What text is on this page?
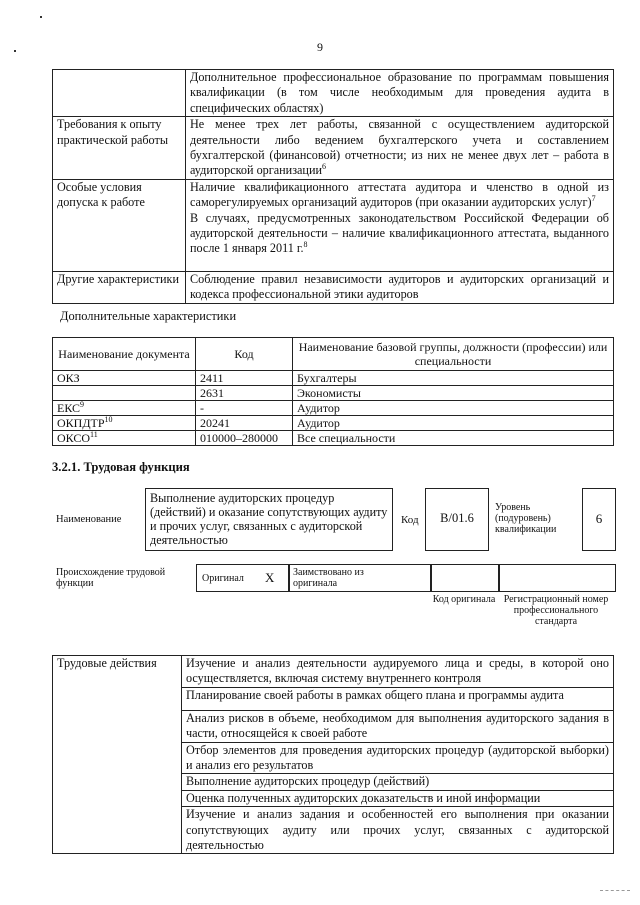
9
	Дополнительное профессиональное образование по программам повышения квалификации (в том числе необходимым для проведения аудита в специфических областях)
Требования к опыту практической работы	Не менее трех лет работы, связанной с осуществлением аудиторской деятельности либо ведением бухгалтерского учета и составлением бухгалтерской (финансовой) отчетности; из них не менее двух лет – работа в аудиторской организации$^6$
Особые условия допуска к работе	Наличие квалификационного аттестата аудитора и членство в одной из саморегулируемых организаций аудиторов (при оказании аудиторских услуг)$^7$
В случаях, предусмотренных законодательством Российской Федерации об аудиторской деятельности – наличие квалификационного аттестата, выданного после 1 января 2011 г.$^8$
Другие характеристики	Соблюдение правил независимости аудиторов и аудиторских организаций и кодекса профессиональной этики аудиторов
Дополнительные характеристики
Наименование документа	Код	Наименование базовой группы, должности (профессии) или специальности
ОКЗ	2411	Бухгалтеры
	2631	Экономисты
ЕКС$^9$	-	Аудитор
ОКПДТР$^{10}$	20241	Аудитор
ОКСО$^{11}$	010000–280000	Все специальности
3.2.1. Трудовая функция
Наименование
Выполнение аудиторских процедур (действий) и оказание сопутствующих аудиту и прочих услуг, связанных с аудиторской деятельностью
Код	B/01.6
Уровень (подуровень) квалификации
6
Происхождение трудовой функции	Оригинал X Заимствовано из оригинала
Код оригинала Регистрационный номер профессионального стандарта
Трудовые действия	Изучение и анализ деятельности аудируемого лица и среды, в которой оно осуществляется, включая систему внутреннего контроля
Планирование своей работы в рамках общего плана и программы аудита
Анализ рисков в объеме, необходимом для выполнения аудиторского задания в части, относящейся к своей работе
Отбор элементов для проведения аудиторских процедур (аудиторской выборки) и анализ его результатов
Выполнение аудиторских процедур (действий)
Оценка полученных аудиторских доказательств и иной информации
Изучение и анализ задания и особенностей его выполнения при оказании сопутствующих аудиту или прочих услуг, связанных с аудиторской деятельностью
